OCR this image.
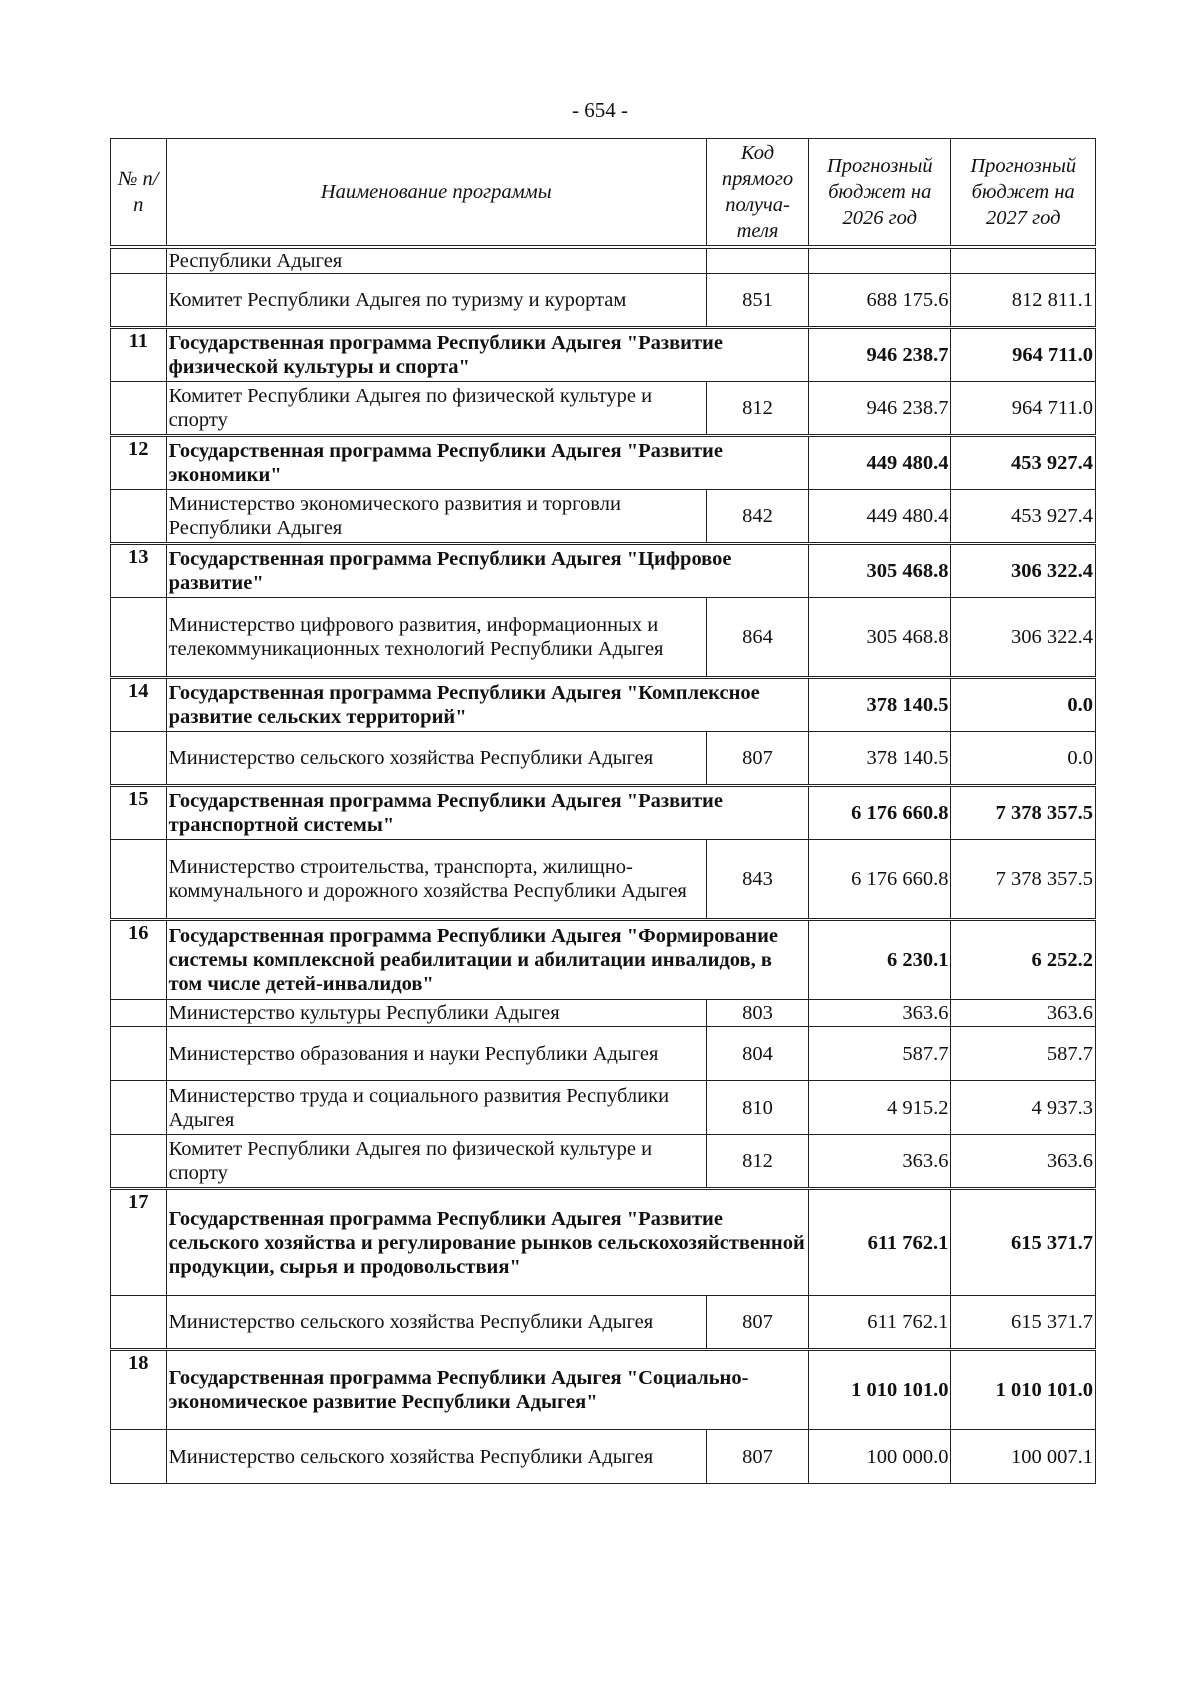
- 654 -
№ п/п	Наименование программы	Код прямого получа-теля	Прогнозный бюджет на 2026 год	Прогнозный бюджет на 2027 год
	Республики Адыгея			
	Комитет Республики Адыгея по туризму и курортам	851	688 175.6	812 811.1
11	Государственная программа Республики Адыгея "Развитие физической культуры и спорта"		946 238.7	964 711.0
	Комитет Республики Адыгея по физической культуре и спорту	812	946 238.7	964 711.0
12	Государственная программа Республики Адыгея "Развитие экономики"		449 480.4	453 927.4
	Министерство экономического развития и торговли Республики Адыгея	842	449 480.4	453 927.4
13	Государственная программа Республики Адыгея "Цифровое развитие"		305 468.8	306 322.4
	Министерство цифрового развития, информационных и телекоммуникационных технологий Республики Адыгея	864	305 468.8	306 322.4
14	Государственная программа Республики Адыгея "Комплексное развитие сельских территорий"		378 140.5	0.0
	Министерство сельского хозяйства Республики Адыгея	807	378 140.5	0.0
15	Государственная программа Республики Адыгея "Развитие транспортной системы"		6 176 660.8	7 378 357.5
	Министерство строительства, транспорта, жилищно-коммунального и дорожного хозяйства Республики Адыгея	843	6 176 660.8	7 378 357.5
16	Государственная программа Республики Адыгея "Формирование системы комплексной реабилитации и абилитации инвалидов, в том числе детей-инвалидов"		6 230.1	6 252.2
	Министерство культуры Республики Адыгея	803	363.6	363.6
	Министерство образования и науки Республики Адыгея	804	587.7	587.7
	Министерство труда и социального развития Республики Адыгея	810	4 915.2	4 937.3
	Комитет Республики Адыгея по физической культуре и спорту	812	363.6	363.6
17	Государственная программа Республики Адыгея "Развитие сельского хозяйства и регулирование рынков сельскохозяйственной продукции, сырья и продовольствия"		611 762.1	615 371.7
	Министерство сельского хозяйства Республики Адыгея	807	611 762.1	615 371.7
18	Государственная программа Республики Адыгея "Социально-экономическое развитие Республики Адыгея"		1 010 101.0	1 010 101.0
	Министерство сельского хозяйства Республики Адыгея	807	100 000.0	100 007.1
